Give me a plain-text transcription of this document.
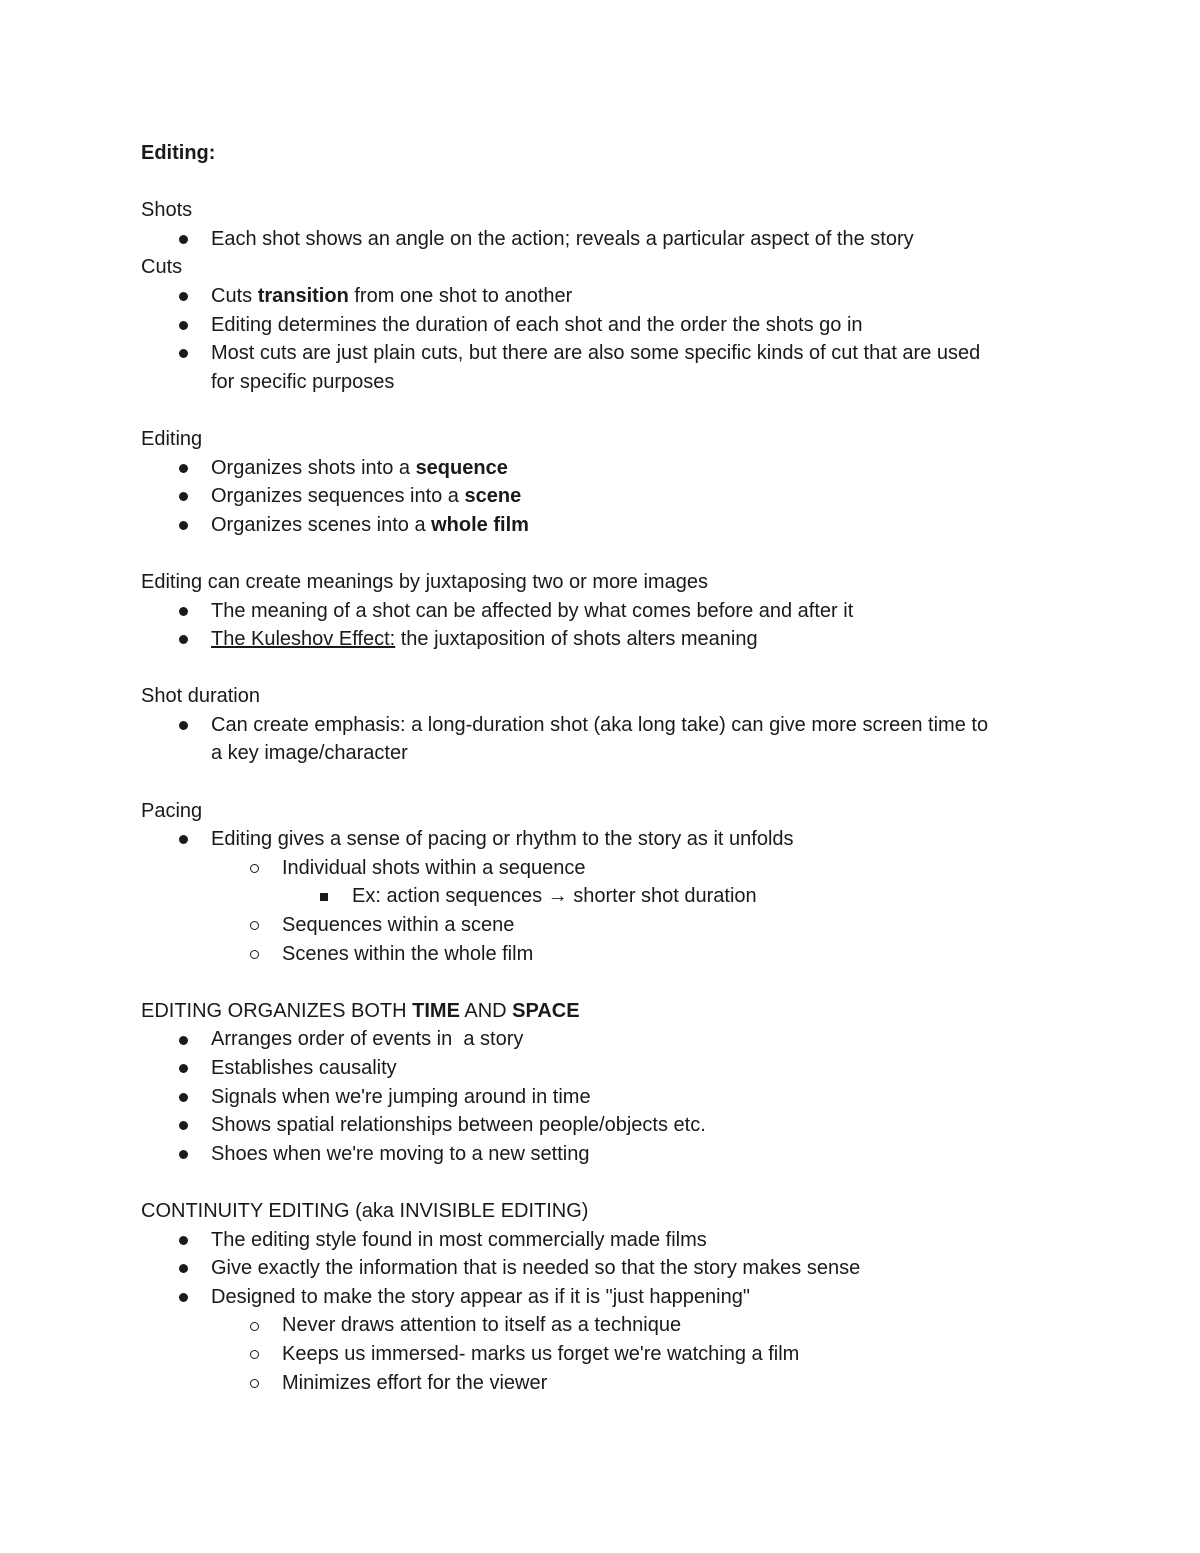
Editing:
Shots
Each shot shows an angle on the action; reveals a particular aspect of the story
Cuts
Cuts transition from one shot to another
Editing determines the duration of each shot and the order the shots go in
Most cuts are just plain cuts, but there are also some specific kinds of cut that are used
for specific purposes
Editing
Organizes shots into a sequence
Organizes sequences into a scene
Organizes scenes into a whole film
Editing can create meanings by juxtaposing two or more images
The meaning of a shot can be affected by what comes before and after it
The Kuleshov Effect: the juxtaposition of shots alters meaning
Shot duration
Can create emphasis: a long-duration shot (aka long take) can give more screen time to
a key image/character
Pacing
Editing gives a sense of pacing or rhythm to the story as it unfolds
Individual shots within a sequence
Ex: action sequences → shorter shot duration
Sequences within a scene
Scenes within the whole film
EDITING ORGANIZES BOTH TIME AND SPACE
Arranges order of events in  a story
Establishes causality
Signals when we're jumping around in time
Shows spatial relationships between people/objects etc.
Shoes when we're moving to a new setting
CONTINUITY EDITING (aka INVISIBLE EDITING)
The editing style found in most commercially made films
Give exactly the information that is needed so that the story makes sense
Designed to make the story appear as if it is "just happening"
Never draws attention to itself as a technique
Keeps us immersed- marks us forget we're watching a film
Minimizes effort for the viewer
